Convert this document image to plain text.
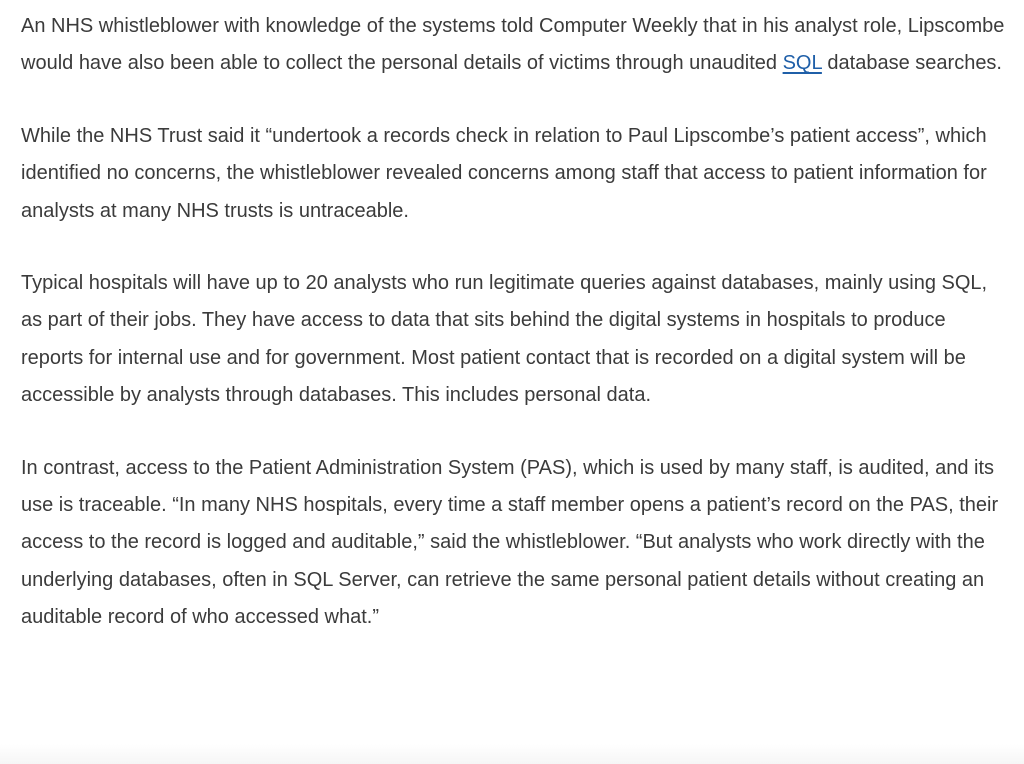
An NHS whistleblower with knowledge of the systems told Computer Weekly that in his analyst role, Lipscombe would have also been able to collect the personal details of victims through unaudited SQL database searches.

While the NHS Trust said it “undertook a records check in relation to Paul Lipscombe’s patient access”, which identified no concerns, the whistleblower revealed concerns among staff that access to patient information for analysts at many NHS trusts is untraceable.

Typical hospitals will have up to 20 analysts who run legitimate queries against databases, mainly using SQL, as part of their jobs. They have access to data that sits behind the digital systems in hospitals to produce reports for internal use and for government. Most patient contact that is recorded on a digital system will be accessible by analysts through databases. This includes personal data.

In contrast, access to the Patient Administration System (PAS), which is used by many staff, is audited, and its use is traceable. “In many NHS hospitals, every time a staff member opens a patient’s record on the PAS, their access to the record is logged and auditable,” said the whistleblower. “But analysts who work directly with the underlying databases, often in SQL Server, can retrieve the same personal patient details without creating an auditable record of who accessed what.”
